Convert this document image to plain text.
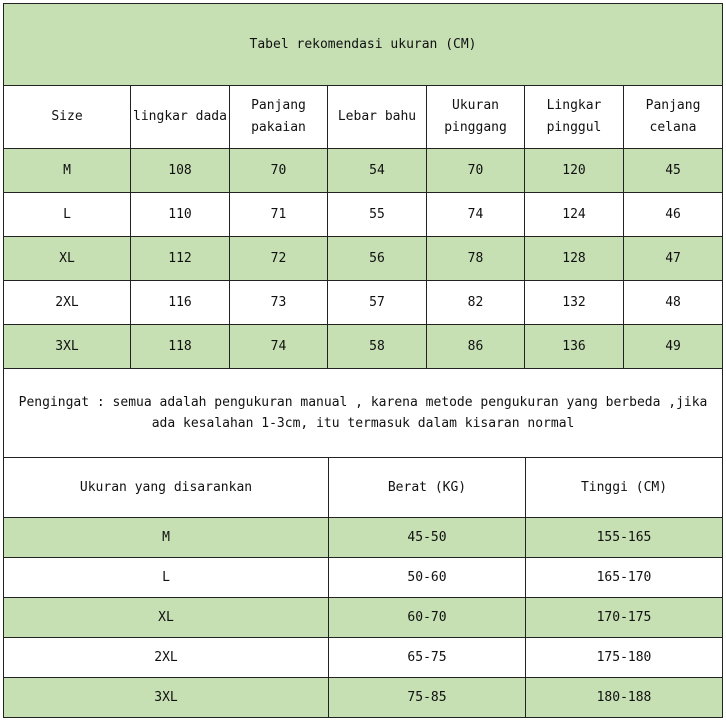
Tabel rekomendasi ukuran (CM)						
Size	lingkar dada	Panjang pakaian	Lebar bahu	Ukuran pinggang	Lingkar pinggul	Panjang celana
M	108	70	54	70	120	45
L	110	71	55	74	124	46
XL	112	72	56	78	128	47
2XL	116	73	57	82	132	48
3XL	118	74	58	86	136	49
Pengingat : semua adalah pengukuran manual , karena metode pengukuran yang berbeda ,jika ada kesalahan 1-3cm, itu termasuk dalam kisaran normal						
Ukuran yang disarankan	Berat (KG)	Tinggi (CM)
M	45-50	155-165
L	50-60	165-170
XL	60-70	170-175
2XL	65-75	175-180
3XL	75-85	180-188
